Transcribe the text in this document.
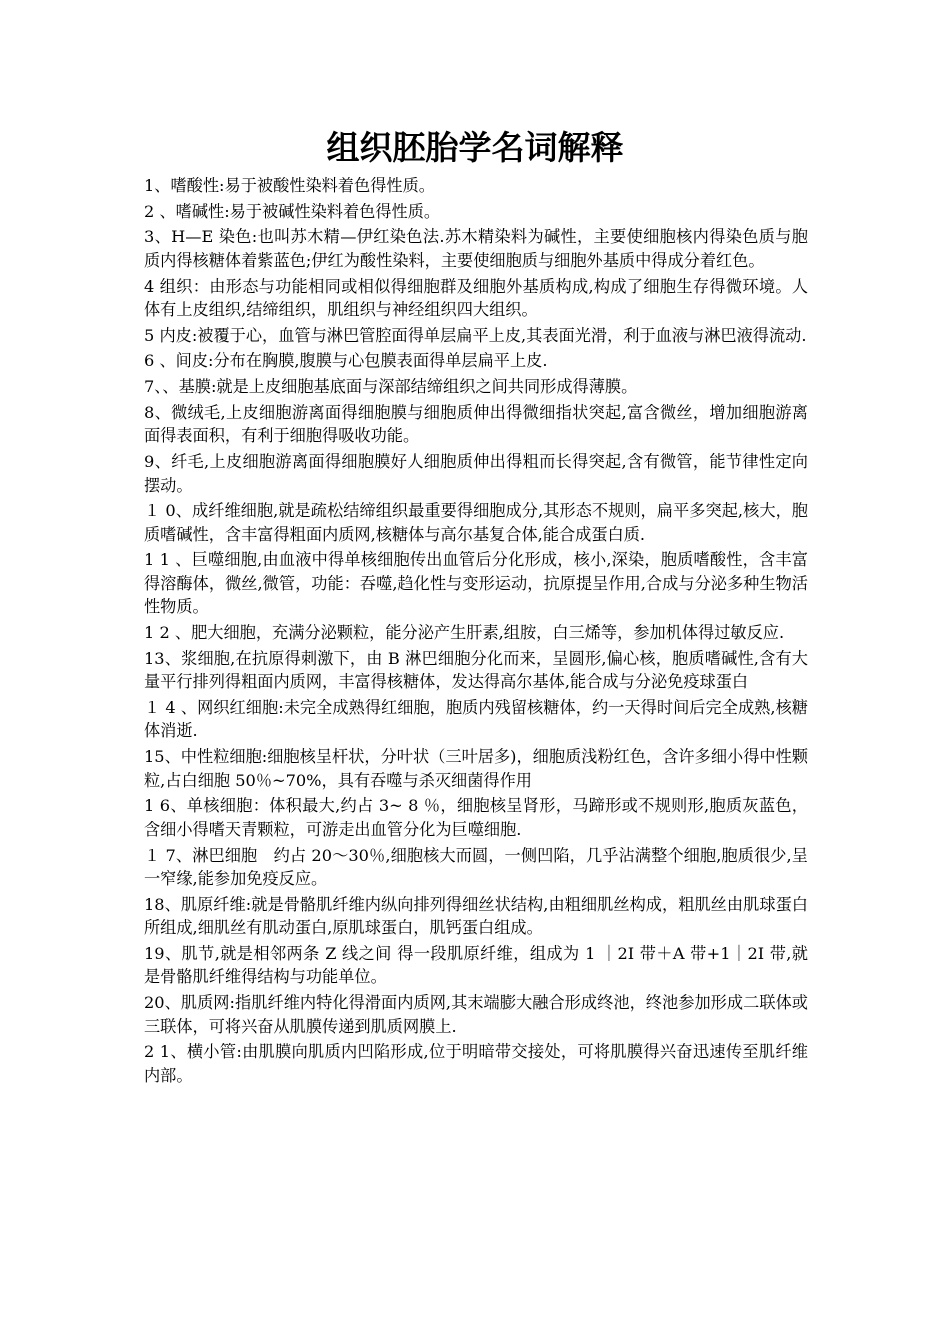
组织胚胎学名词解释

1、嗜酸性:易于被酸性染料着色得性质。

2 、嗜碱性:易于被碱性染料着色得性质。

3、H—E 染色:也叫苏木精—伊红染色法.苏木精染料为碱性，主要使细胞核内得染色质与胞质内得核糖体着紫蓝色;伊红为酸性染料，主要使细胞质与细胞外基质中得成分着红色。

4 组织：由形态与功能相同或相似得细胞群及细胞外基质构成,构成了细胞生存得微环境。人体有上皮组织,结缔组织，肌组织与神经组织四大组织。

5 内皮:被覆于心，血管与淋巴管腔面得单层扁平上皮,其表面光滑，利于血液与淋巴液得流动.

6 、间皮:分布在胸膜,腹膜与心包膜表面得单层扁平上皮.

7、、基膜:就是上皮细胞基底面与深部结缔组织之间共同形成得薄膜。

8、微绒毛,上皮细胞游离面得细胞膜与细胞质伸出得微细指状突起,富含微丝，增加细胞游离面得表面积，有利于细胞得吸收功能。

9、纤毛,上皮细胞游离面得细胞膜好人细胞质伸出得粗而长得突起,含有微管，能节律性定向摆动。

１ 0、成纤维细胞,就是疏松结缔组织最重要得细胞成分,其形态不规则，扁平多突起,核大，胞质嗜碱性，含丰富得粗面内质网,核糖体与高尔基复合体,能合成蛋白质.

1 1 、巨噬细胞,由血液中得单核细胞传出血管后分化形成，核小,深染，胞质嗜酸性，含丰富得溶酶体，微丝,微管，功能：吞噬,趋化性与变形运动，抗原提呈作用,合成与分泌多种生物活性物质。

1 2 、肥大细胞，充满分泌颗粒，能分泌产生肝素,组胺，白三烯等，参加机体得过敏反应.

13、浆细胞,在抗原得刺激下，由 B 淋巴细胞分化而来，呈圆形,偏心核，胞质嗜碱性,含有大量平行排列得粗面内质网，丰富得核糖体，发达得高尔基体,能合成与分泌免疫球蛋白

１ 4 、网织红细胞:未完全成熟得红细胞，胞质内残留核糖体，约一天得时间后完全成熟,核糖体消逝.

15、中性粒细胞:细胞核呈杆状，分叶状（三叶居多)，细胞质浅粉红色，含许多细小得中性颗粒,占白细胞 50％~70%，具有吞噬与杀灭细菌得作用

1 6、单核细胞：体积最大,约占 3~ 8 ％，细胞核呈肾形，马蹄形或不规则形,胞质灰蓝色，含细小得嗜天青颗粒，可游走出血管分化为巨噬细胞.

１ 7、淋巴细胞　约占 20～30％,细胞核大而圆，一侧凹陷，几乎沾满整个细胞,胞质很少,呈一窄缘,能参加免疫反应。

18、肌原纤维:就是骨骼肌纤维内纵向排列得细丝状结构,由粗细肌丝构成，粗肌丝由肌球蛋白所组成,细肌丝有肌动蛋白,原肌球蛋白，肌钙蛋白组成。

19、肌节,就是相邻两条 Z 线之间 得一段肌原纤维，组成为 1 ｜2I 带＋A 带+1｜2I 带,就是骨骼肌纤维得结构与功能单位。

20、肌质网:指肌纤维内特化得滑面内质网,其末端膨大融合形成终池，终池参加形成二联体或三联体，可将兴奋从肌膜传递到肌质网膜上.

2 1、横小管:由肌膜向肌质内凹陷形成,位于明暗带交接处，可将肌膜得兴奋迅速传至肌纤维内部。
